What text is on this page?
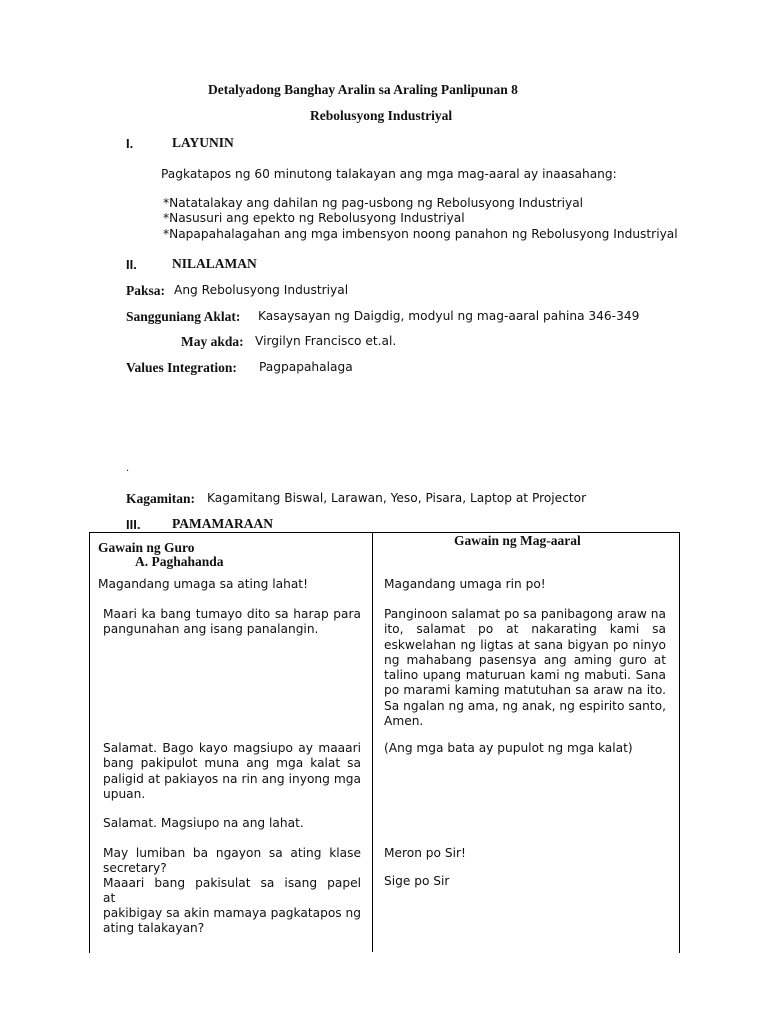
Detalyadong Banghay Aralin sa Araling Panlipunan 8
Rebolusyong Industriyal
I.	LAYUNIN
Pagkatapos ng 60 minutong talakayan ang mga mag-aaral ay inaasahang:
*Natatalakay ang dahilan ng pag-usbong ng Rebolusyong Industriyal
*Nasusuri ang epekto ng Rebolusyong Industriyal
*Napapahalagahan ang mga imbensyon noong panahon ng Rebolusyong Industriyal
II.	NILALAMAN
Paksa: Ang Rebolusyong Industriyal
Sangguniang Aklat: Kasaysayan ng Daigdig, modyul ng mag-aaral pahina 346-349
May akda: Virgilyn Francisco et.al.
Values Integration: Pagpapahalaga
.
Kagamitan: Kagamitang Biswal, Larawan, Yeso, Pisara, Laptop at Projector
III. PAMAMARAAN
Gawain ng Guro
A. Paghahanda
Gawain ng Mag-aaral
Magandang umaga sa ating lahat!
Maari ka bang tumayo dito sa harap para pangunahan ang isang panalangin.
Salamat. Bago kayo magsiupo ay maaari bang pakipulot muna ang mga kalat sa paligid at pakiayos na rin ang inyong mga upuan.
Salamat. Magsiupo na ang lahat.
May lumiban ba ngayon sa ating klase secretary?
Maaari bang pakisulat sa isang papel
at
pakibigay sa akin mamaya pagkatapos ng ating talakayan?
Magandang umaga rin po!
Panginoon salamat po sa panibagong araw na ito, salamat po at nakarating kami sa eskwelahan ng ligtas at sana bigyan po ninyo ng mahabang pasensya ang aming guro at talino upang maturuan kami ng mabuti. Sana po marami kaming matutuhan sa araw na ito. Sa ngalan ng ama, ng anak, ng espirito santo, Amen.
(Ang mga bata ay pupulot ng mga kalat)
Meron po Sir!
Sige po Sir
